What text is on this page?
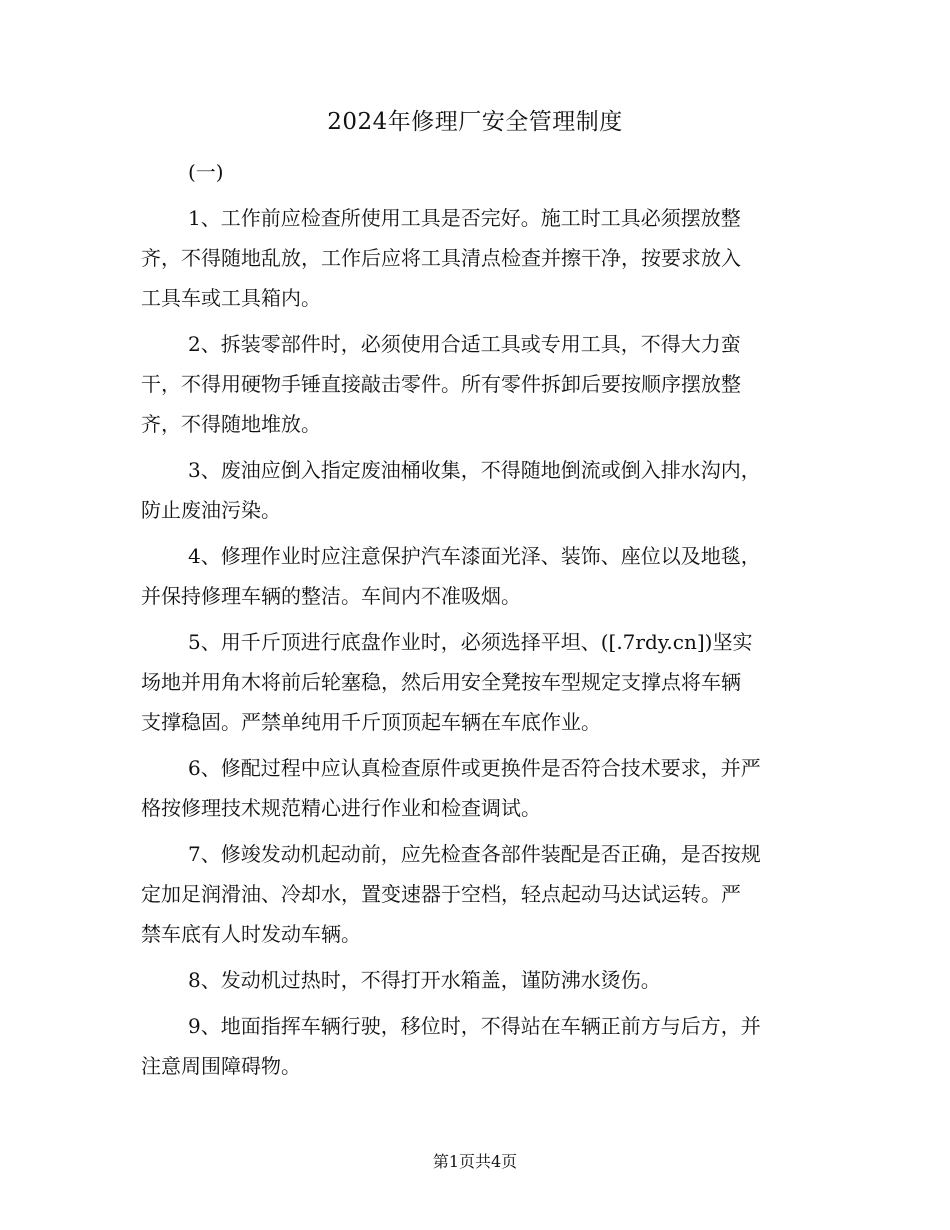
2024年修理厂安全管理制度
(一)

1、工作前应检查所使用工具是否完好。施工时工具必须摆放整
齐，不得随地乱放，工作后应将工具清点检查并擦干净，按要求放入
工具车或工具箱内。

2、拆装零部件时，必须使用合适工具或专用工具，不得大力蛮
干，不得用硬物手锤直接敲击零件。所有零件拆卸后要按顺序摆放整
齐，不得随地堆放。

3、废油应倒入指定废油桶收集，不得随地倒流或倒入排水沟内，
防止废油污染。

4、修理作业时应注意保护汽车漆面光泽、装饰、座位以及地毯，
并保持修理车辆的整洁。车间内不准吸烟。

5、用千斤顶进行底盘作业时，必须选择平坦、([.7rdy.cn])坚实
场地并用角木将前后轮塞稳，然后用安全凳按车型规定支撑点将车辆
支撑稳固。严禁单纯用千斤顶顶起车辆在车底作业。

6、修配过程中应认真检查原件或更换件是否符合技术要求，并严
格按修理技术规范精心进行作业和检查调试。

7、修竣发动机起动前，应先检查各部件装配是否正确，是否按规
定加足润滑油、冷却水，置变速器于空档，轻点起动马达试运转。严
禁车底有人时发动车辆。

8、发动机过热时，不得打开水箱盖，谨防沸水烫伤。

9、地面指挥车辆行驶，移位时，不得站在车辆正前方与后方，并
注意周围障碍物。

第1页共4页
